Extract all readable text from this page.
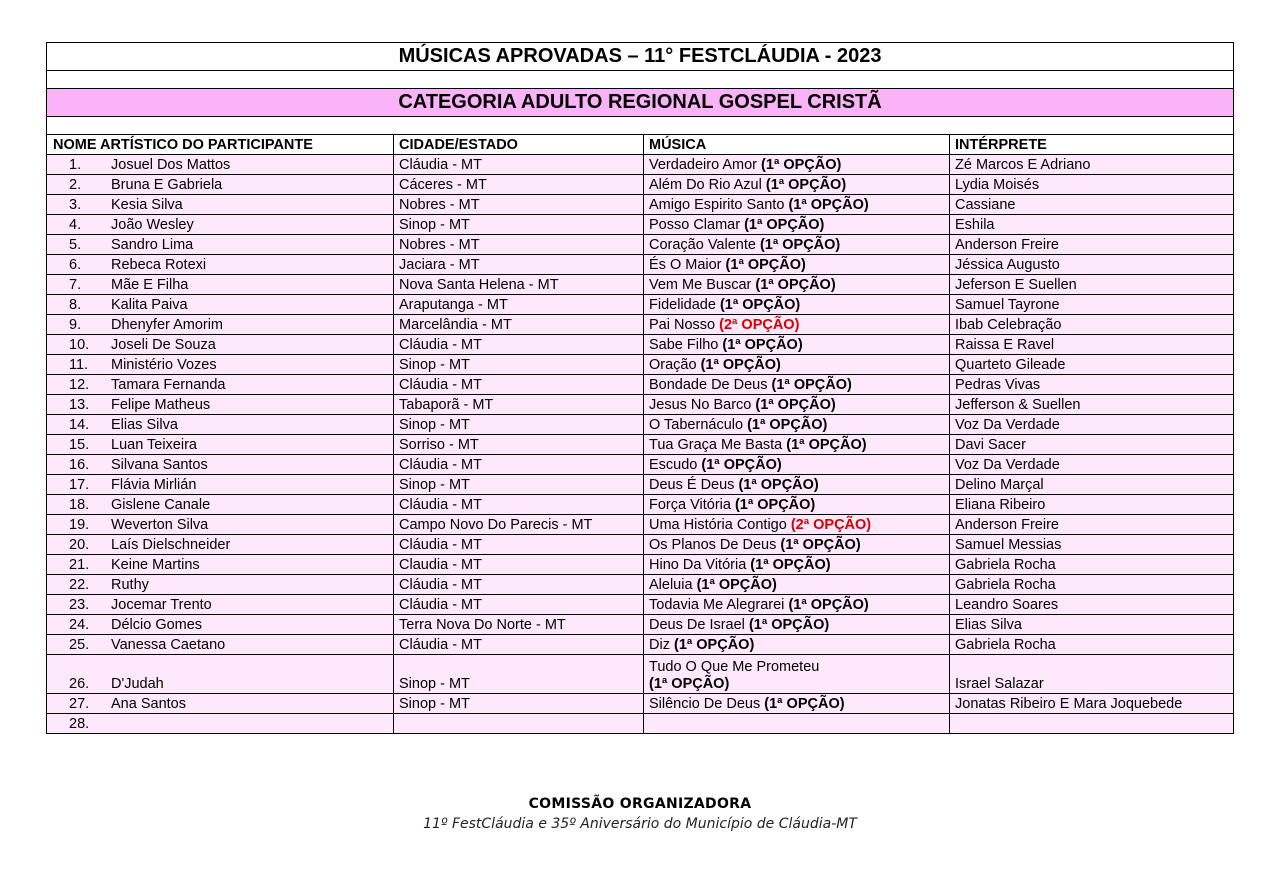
MÚSICAS APROVADAS – 11° FESTCLÁUDIA - 2023			

CATEGORIA ADULTO REGIONAL GOSPEL CRISTÃ			

NOME ARTÍSTICO DO PARTICIPANTE	CIDADE/ESTADO	MÚSICA	INTÉRPRETE
1. Josuel Dos Mattos	Cláudia - MT	Verdadeiro Amor (1ª OPÇÃO)	Zé Marcos E Adriano
2. Bruna E Gabriela	Cáceres - MT	Além Do Rio Azul (1ª OPÇÃO)	Lydia Moisés
3. Kesia Silva	Nobres - MT	Amigo Espirito Santo (1ª OPÇÃO)	Cassiane
4. João Wesley	Sinop - MT	Posso Clamar (1ª OPÇÃO)	Eshila
5. Sandro Lima	Nobres - MT	Coração Valente (1ª OPÇÃO)	Anderson Freire
6. Rebeca Rotexi	Jaciara - MT	És O Maior (1ª OPÇÃO)	Jéssica Augusto
7. Mãe E Filha	Nova Santa Helena - MT	Vem Me Buscar (1ª OPÇÃO)	Jeferson E Suellen
8. Kalita Paiva	Araputanga - MT	Fidelidade (1ª OPÇÃO)	Samuel Tayrone
9. Dhenyfer Amorim	Marcelândia - MT	Pai Nosso (2ª OPÇÃO)	Ibab Celebração
10. Joseli De Souza	Cláudia - MT	Sabe Filho (1ª OPÇÃO)	Raissa E Ravel
11. Ministério Vozes	Sinop - MT	Oração (1ª OPÇÃO)	Quarteto Gileade
12. Tamara Fernanda	Cláudia - MT	Bondade De Deus (1ª OPÇÃO)	Pedras Vivas
13. Felipe Matheus	Tabaporã - MT	Jesus No Barco (1ª OPÇÃO)	Jefferson & Suellen
14. Elias Silva	Sinop - MT	O Tabernáculo (1ª OPÇÃO)	Voz Da Verdade
15. Luan Teixeira	Sorriso - MT	Tua Graça Me Basta (1ª OPÇÃO)	Davi Sacer
16. Silvana Santos	Cláudia - MT	Escudo (1ª OPÇÃO)	Voz Da Verdade
17. Flávia Mirlián	Sinop - MT	Deus É Deus (1ª OPÇÃO)	Delino Marçal
18. Gislene Canale	Cláudia - MT	Força Vitória (1ª OPÇÃO)	Eliana Ribeiro
19. Weverton Silva	Campo Novo Do Parecis - MT	Uma História Contigo (2ª OPÇÃO)	Anderson Freire
20. Laís Dielschneider	Cláudia - MT	Os Planos De Deus (1ª OPÇÃO)	Samuel Messias
21. Keine Martins	Claudia - MT	Hino Da Vitória (1ª OPÇÃO)	Gabriela Rocha
22. Ruthy	Cláudia - MT	Aleluia (1ª OPÇÃO)	Gabriela Rocha
23. Jocemar Trento	Cláudia - MT	Todavia Me Alegrarei (1ª OPÇÃO)	Leandro Soares
24. Délcio Gomes	Terra Nova Do Norte - MT	Deus De Israel (1ª OPÇÃO)	Elias Silva
25. Vanessa Caetano	Cláudia - MT	Diz (1ª OPÇÃO)	Gabriela Rocha
26. D'Judah	Sinop - MT	Tudo O Que Me Prometeu
(1ª OPÇÃO)	Israel Salazar
27. Ana Santos	Sinop - MT	Silêncio De Deus (1ª OPÇÃO)	Jonatas Ribeiro E Mara Joquebede
28.			
COMISSÃO ORGANIZADORA
11º FestCláudia e 35º Aniversário do Município de Cláudia-MT
